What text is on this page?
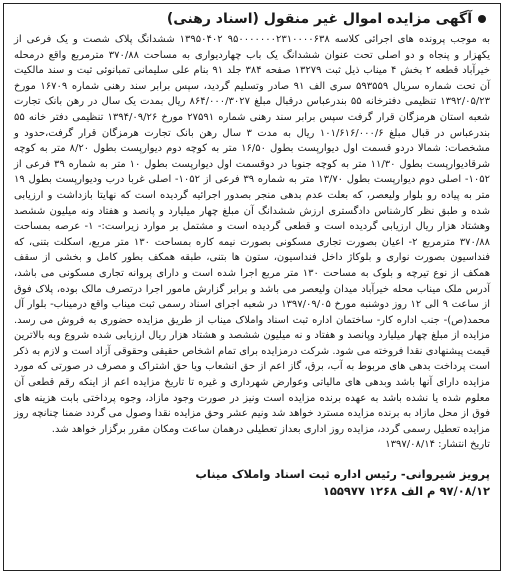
آگهی مزایده اموال غیر منقول (اسناد رهنی)

به موجب پرونده های اجرائی کلاسه ۹۵۰۰۰۰۰۰۰۲۳۱۰۰۰۰۶۳۸ ۱۳۹۵۰۴۰۲ ششدانگ پلاک شصت و یک فرعی از یکهزار و پنجاه و دو اصلی تحت عنوان ششدانگ یک باب چهاردیواری به مساحت ۳۷۰/۸۸ مترمربع واقع درمحله خیرآباد قطعه ۲ بخش ۴ میناب ذیل ثبت ۱۳۲۷۹ صفحه ۳۸۴ جلد ۹۱ بنام علی سلیمانی تمبانوئی ثبت و سند مالکیت آن تحت شماره سریال ۵۹۳۵۵۹ سری الف ۹۱ صادر وتسلیم گردید، سپس برابر سند رهنی شماره ۱۶۷۰۹ مورخ ۱۳۹۲/۰۵/۲۳ تنظیمی دفترخانه ۵۵ بندرعباس درقبال مبلغ ۸۶۴/۰۰۰/۳۰۲۷ ریال بمدت یک سال در رهن بانک تجارت شعبه استان هرمزگان قرار گرفت سپس برابر سند رهنی شماره ۲۷۵۹۱ مورخ ۱۳۹۴/۰۹/۲۶ تنظیمی دفتر خانه ۵۵ بندرعباس در قبال مبلغ ۱۰۱/۶۱۶/۰۰۰/۶ ریال به مدت ۳ سال رهن بانک تجارت هرمزگان قرار گرفت،حدود و مشخصات: شمالا دردو قسمت اول دیوارپست بطول ۱۶/۵۰ متر به کوچه دوم دیوارپست بطول ۸/۲۰ متر به کوچه شرقادیوارپست بطول ۱۱/۳۰ متر به کوچه جنوبا در دوقسمت اول دیوارپست بطول ۱۰ متر به شماره ۳۹ فرعی از ۱۰۵۲- اصلی دوم دیوارپست بطول ۱۳/۷۰ متر به شماره ۳۹ فرعی از ۱۰۵۲- اصلی غربا درب ودیوارپست بطول ۱۹ متر به پیاده رو بلوار ولیعصر، که بعلت عدم بدهی منجر بصدور اجرائیه گردیده است که نهایتا بازداشت و ارزیابی شده و طبق نظر کارشناس دادگستری ارزش ششدانگ آن مبلغ چهار میلیارد و پانصد و هفتاد ونه میلیون ششصد وهشتاد هزار ریال ارزیابی گردیده است و قطعی گردیده است و مشتمل بر موارد زیراست:- ۱- عرصه بمساحت ۳۷۰/۸۸ مترمربع ۲- اعیان بصورت تجاری مسکونی بصورت نیمه کاره بمساحت ۱۳۰ متر مربع، اسکلت بتنی، که فنداسیون بصورت نواری و بلوکاژ داخل فنداسیون، ستون ها بتنی، طبقه همکف بطور کامل و بخشی از سقف همکف از نوع تیرچه و بلوک به مساحت ۱۳۰ متر مربع اجرا شده است و دارای پروانه تجاری مسکونی می باشد، آدرس ملک میناب محله خیرآباد میدان ولیعصر می باشد و برابر گزارش مامور اجرا درتصرف مالک بوده، پلاک فوق از ساعت ۹ الی ۱۲ روز دوشنبه مورخ ۱۳۹۷/۰۹/۰۵ در شعبه اجرای اسناد رسمی ثبت میناب واقع درمیناب- بلوار آل محمد(ص)- جنب اداره کار- ساختمان اداره ثبت اسناد واملاک میناب از طریق مزایده حضوری به فروش می رسد. مزایده از مبلغ چهار میلیارد وپانصد و هفتاد و نه میلیون ششصد و هشتاد هزار ریال ارزیابی شده شروع وبه بالاترین قیمت پیشنهادی نقدا فروخته می شود. شرکت درمزایده برای تمام اشخاص حقیقی وحقوقی آزاد است و لازم به ذکر است پرداخت بدهی های مربوط به آب، برق، گاز اعم از حق انشعاب ویا حق اشتراک و مصرف در صورتی که مورد مزایده دارای آنها باشد وبدهی های مالیاتی وعوارض شهرداری و غیره تا تاریخ مزایده اعم از اینکه رقم قطعی آن معلوم شده یا نشده باشد به عهده برنده مزایده است ونیز در صورت وجود مازاد، وجوه پرداختی بابت هزینه های فوق از محل مازاد به برنده مزایده مسترد خواهد شد ونیم عشر وحق مزایده نقدا وصول می گردد ضمنا چنانچه روز مزایده تعطیل رسمی گردد، مزایده روز اداری بعداز تعطیلی درهمان ساعت ومکان مقرر برگزار خواهد شد.

تاریخ انتشار: ۱۳۹۷/۰۸/۱۴
پرویز شیروانی- رئیس اداره ثبت اسناد واملاک میناب
۹۷/۰۸/۱۲ م الف ۱۲۶۸ ۱۵۵۹۷۷
